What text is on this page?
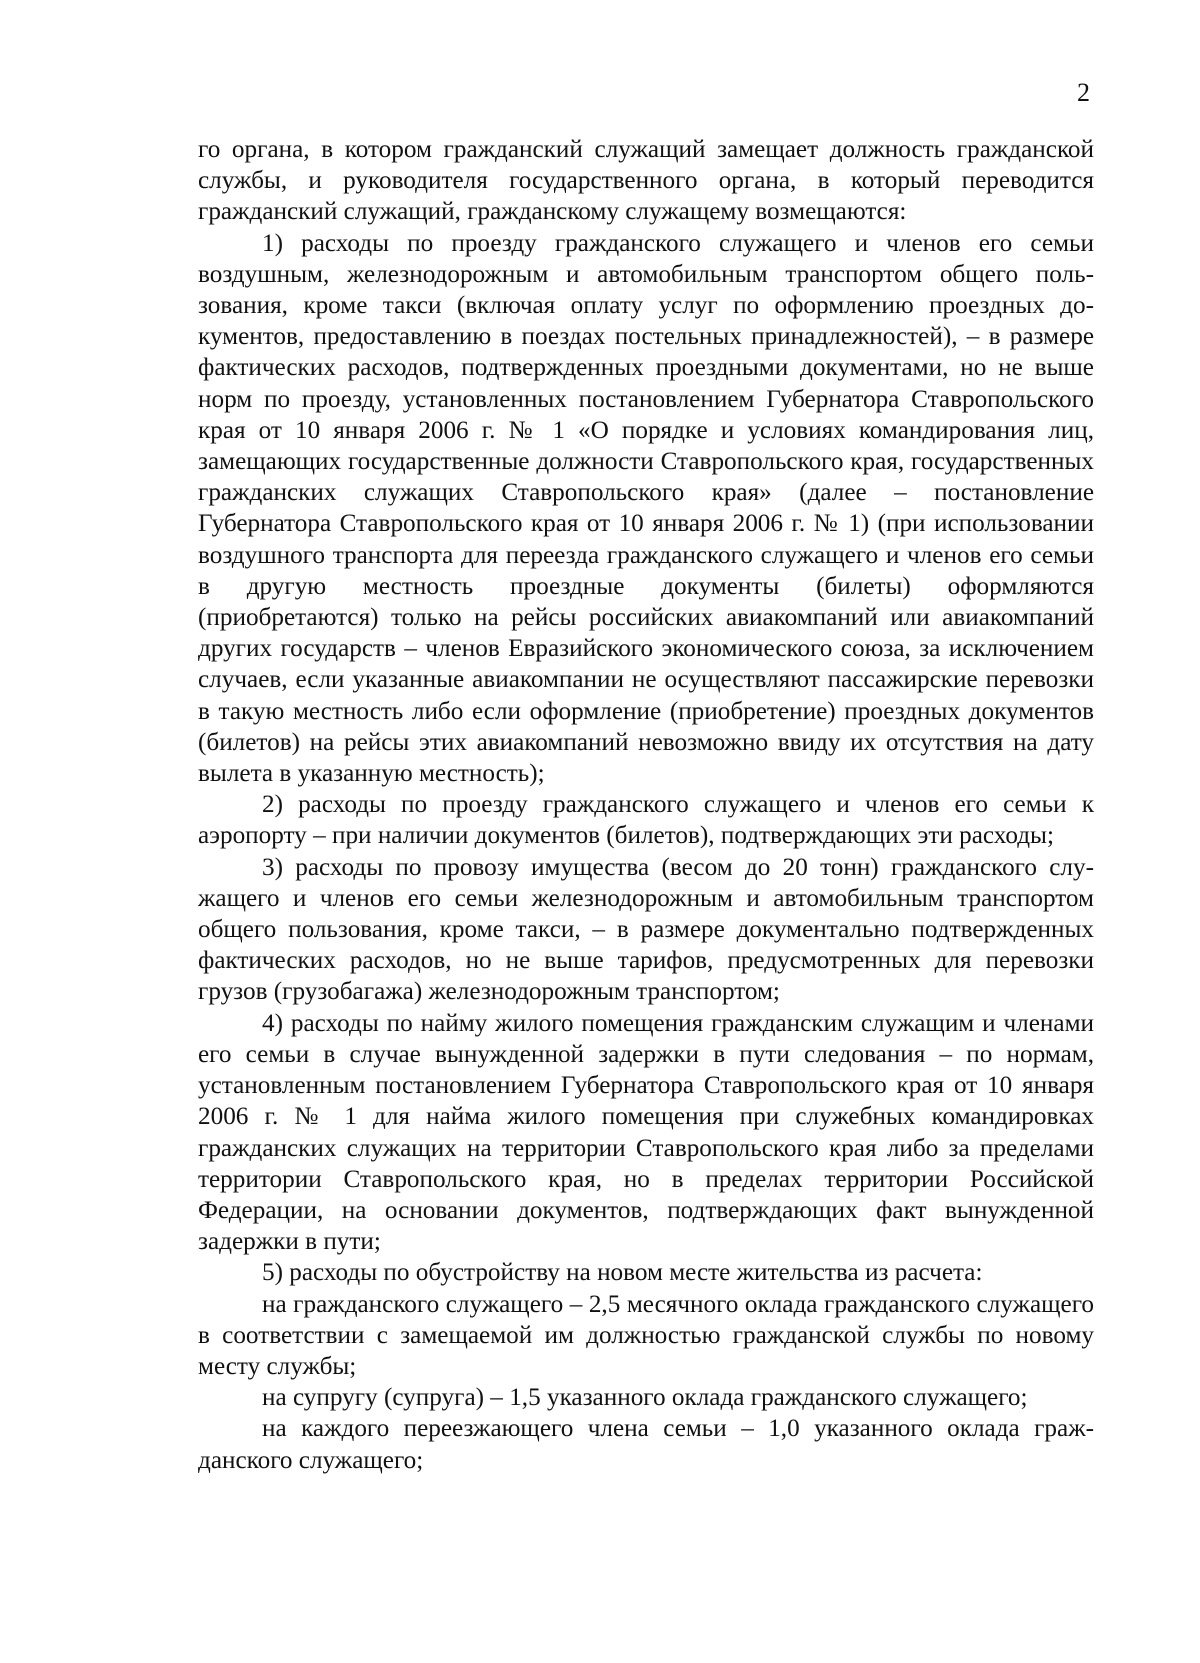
2

го органа, в котором гражданский служащий замещает должность гражданской службы, и руководителя государственного органа, в который переводится гражданский служащий, гражданскому служащему возмещаются:

1) расходы по проезду гражданского служащего и членов его семьи воздушным, железнодорожным и автомобильным транспортом общего пользования, кроме такси (включая оплату услуг по оформлению проездных документов, предоставлению в поездах постельных принадлежностей), – в размере фактических расходов, подтвержденных проездными документами, но не выше норм по проезду, установленных постановлением Губернатора Ставропольского края от 10 января 2006 г. № 1 «О порядке и условиях командирования лиц, замещающих государственные должности Ставропольского края, государственных гражданских служащих Ставропольского края» (далее – постановление Губернатора Ставропольского края от 10 января 2006 г. № 1) (при использовании воздушного транспорта для переезда гражданского служащего и членов его семьи в другую местность проездные документы (билеты) оформляются (приобретаются) только на рейсы российских авиакомпаний или авиакомпаний других государств – членов Евразийского экономического союза, за исключением случаев, если указанные авиакомпании не осуществляют пассажирские перевозки в такую местность либо если оформление (приобретение) проездных документов (билетов) на рейсы этих авиакомпаний невозможно ввиду их отсутствия на дату вылета в указанную местность);

2) расходы по проезду гражданского служащего и членов его семьи к аэропорту – при наличии документов (билетов), подтверждающих эти расходы;

3) расходы по провозу имущества (весом до 20 тонн) гражданского служащего и членов его семьи железнодорожным и автомобильным транспортом общего пользования, кроме такси, – в размере документально подтвержденных фактических расходов, но не выше тарифов, предусмотренных для перевозки грузов (грузобагажа) железнодорожным транспортом;

4) расходы по найму жилого помещения гражданским служащим и членами его семьи в случае вынужденной задержки в пути следования – по нормам, установленным постановлением Губернатора Ставропольского края от 10 января 2006 г. № 1 для найма жилого помещения при служебных командировках гражданских служащих на территории Ставропольского края либо за пределами территории Ставропольского края, но в пределах территории Российской Федерации, на основании документов, подтверждающих факт вынужденной задержки в пути;

5) расходы по обустройству на новом месте жительства из расчета:

на гражданского служащего – 2,5 месячного оклада гражданского служащего в соответствии с замещаемой им должностью гражданской службы по новому месту службы;

на супругу (супруга) – 1,5 указанного оклада гражданского служащего;

на каждого переезжающего члена семьи – 1,0 указанного оклада гражданского служащего;
